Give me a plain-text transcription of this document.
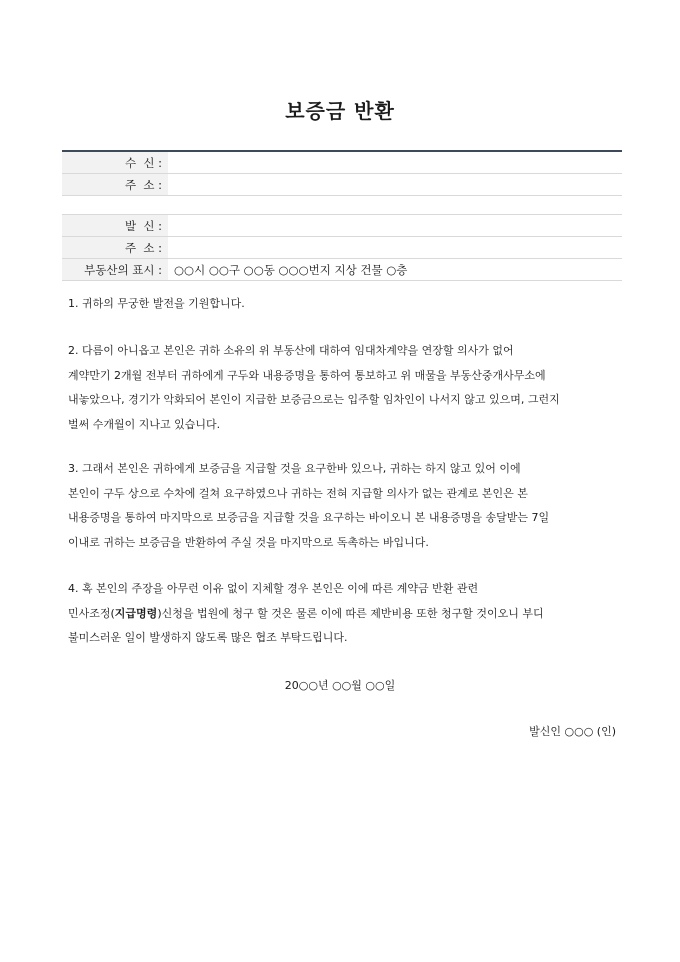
보증금 반환
수  신 :	
주  소 :	
발  신 :	
주  소 :	
부동산의 표시 :	○○시 ○○구 ○○동 ○○○번지 지상 건물 ○층

1. 귀하의 무궁한 발전을 기원합니다.

2. 다름이 아니옵고 본인은 귀하 소유의 위 부동산에 대하여 임대차계약을 연장할 의사가 없어
계약만기 2개월 전부터 귀하에게 구두와 내용증명을 통하여 통보하고 위 매물을 부동산중개사무소에
내놓았으나, 경기가 악화되어 본인이 지급한 보증금으로는 입주할 임차인이 나서지 않고 있으며, 그런지
벌써 수개월이 지나고 있습니다.

3. 그래서 본인은 귀하에게 보증금을 지급할 것을 요구한바 있으나, 귀하는 하지 않고 있어 이에
본인이 구두 상으로 수차에 걸쳐 요구하였으나 귀하는 전혀 지급할 의사가 없는 관계로 본인은 본
내용증명을 통하여 마지막으로 보증금을 지급할 것을 요구하는 바이오니 본 내용증명을 송달받는 7일
이내로 귀하는 보증금을 반환하여 주실 것을 마지막으로 독촉하는 바입니다.

4. 혹 본인의 주장을 아무런 이유 없이 지체할 경우 본인은 이에 따른 계약금 반환 관련
민사조정(지급명령)신청을 법원에 청구 할 것은 물론 이에 따른 제반비용 또한 청구할 것이오니 부디
불미스러운 일이 발생하지 않도록 많은 협조 부탁드립니다.

20○○년 ○○월 ○○일
발신인 ○○○ (인)
